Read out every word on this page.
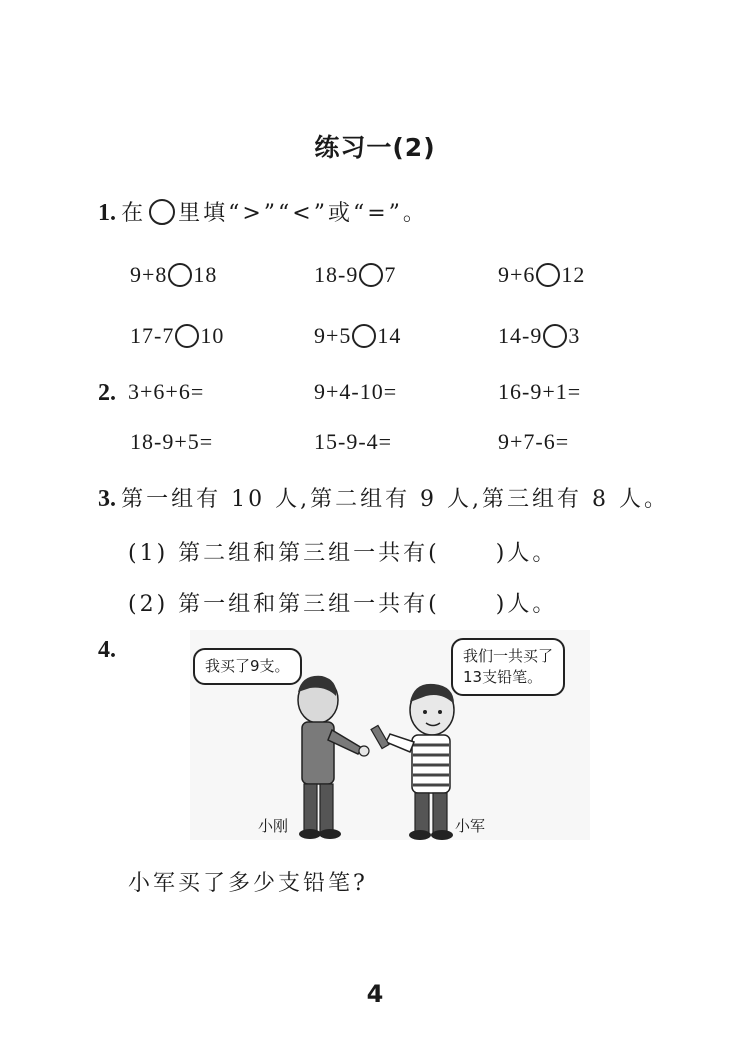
练习一(2)
1. 在 里填“>”“<”或“=”。
9+8 18	18-9 7	9+6 12
17-7 10	9+5 14	14-9 3
2. 3+6+6=	9+4-10=	16-9+1=
18-9+5=	15-9-4=	9+7-6=
3. 第一组有 10 人,第二组有 9 人,第三组有 8 人。
(1) 第二组和第三组一共有(	)人。
(2) 第一组和第三组一共有(	)人。
4.
我买了9支。
我们一共买了
13支铅笔。
小刚	小军
小军买了多少支铅笔?
4
